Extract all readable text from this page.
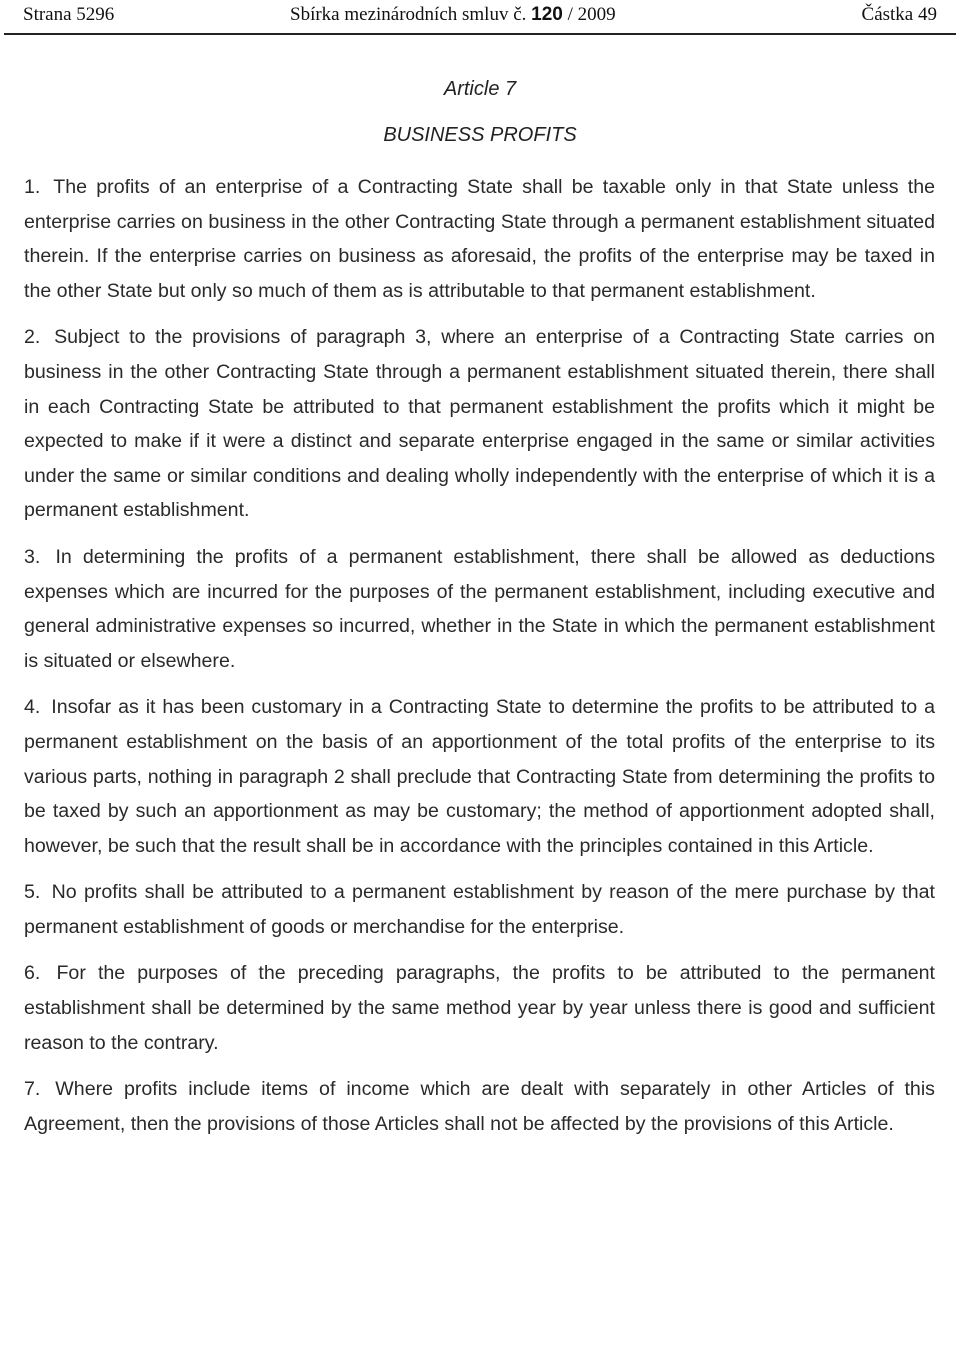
Strana 5296	Sbírka mezinárodních smluv č. 120 / 2009	Částka 49
Article 7
BUSINESS PROFITS

1. The profits of an enterprise of a Contracting State shall be taxable only in that State unless the enterprise carries on business in the other Contracting State through a permanent establishment situated therein. If the enterprise carries on business as aforesaid, the profits of the enterprise may be taxed in the other State but only so much of them as is attributable to that permanent establishment.

2. Subject to the provisions of paragraph 3, where an enterprise of a Contracting State carries on business in the other Contracting State through a permanent establishment situated therein, there shall in each Contracting State be attributed to that permanent establishment the profits which it might be expected to make if it were a distinct and separate enterprise engaged in the same or similar activities under the same or similar conditions and dealing wholly independently with the enterprise of which it is a permanent establishment.

3. In determining the profits of a permanent establishment, there shall be allowed as deductions expenses which are incurred for the purposes of the permanent establishment, including executive and general administrative expenses so incurred, whether in the State in which the permanent establishment is situated or elsewhere.

4. Insofar as it has been customary in a Contracting State to determine the profits to be attributed to a permanent establishment on the basis of an apportionment of the total profits of the enterprise to its various parts, nothing in paragraph 2 shall preclude that Contracting State from determining the profits to be taxed by such an apportionment as may be customary; the method of apportionment adopted shall, however, be such that the result shall be in accordance with the principles contained in this Article.

5. No profits shall be attributed to a permanent establishment by reason of the mere purchase by that permanent establishment of goods or merchandise for the enterprise.

6. For the purposes of the preceding paragraphs, the profits to be attributed to the permanent establishment shall be determined by the same method year by year unless there is good and sufficient reason to the contrary.

7. Where profits include items of income which are dealt with separately in other Articles of this Agreement, then the provisions of those Articles shall not be affected by the provisions of this Article.
